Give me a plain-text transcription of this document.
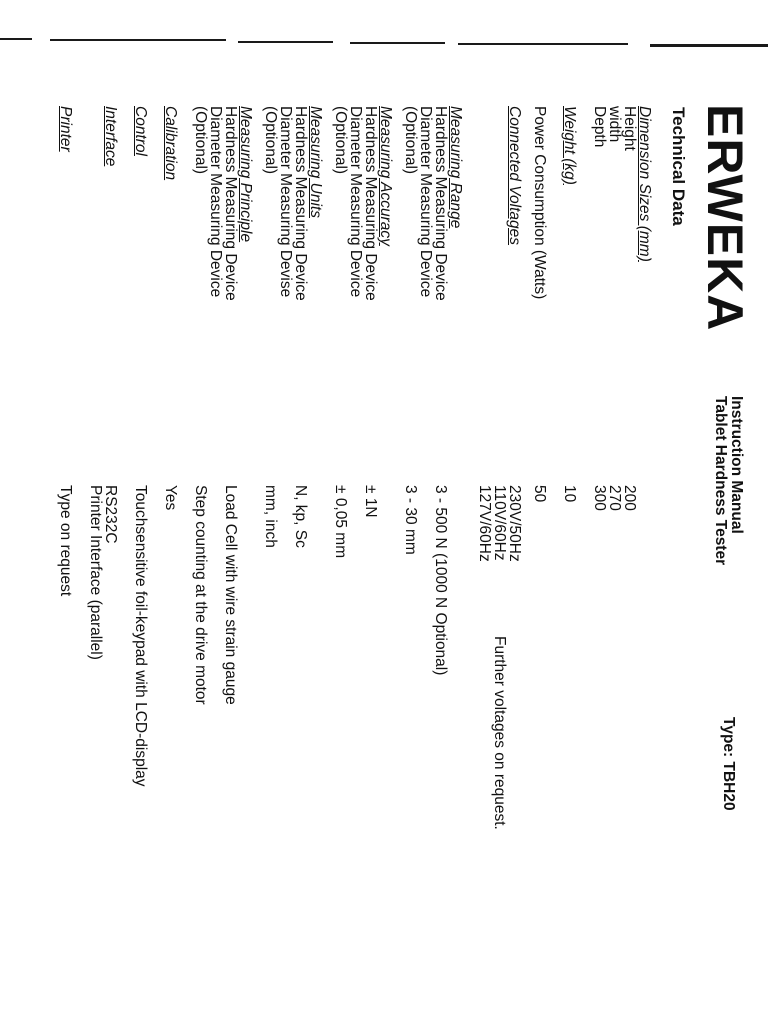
ERWEKA
Instruction Manual
Tablet Hardness Tester
Type: TBH20
Technical Data
Dimension Sizes (mm)
Height
width
Depth
200
270
300
Weight (kg)
10
Power Consumption (Watts)
50
Connected Voltages
230V/50Hz
110V/60Hz
127V/60Hz
Further voltages on request.
Measuring Range
Hardness Measuring Device
Diameter Measuring Device
(Optional)
3 - 500 N (1000 N Optional)
3 - 30 mm
Measuring Accuracy
Hardness Measuring Device
Diameter Measuring Device
(Optional)
± 1N
± 0,05 mm
Measuring Units
Hardness Measuring Device
Diameter Measuring Devise
(Optional)
N, kp, Sc
mm, inch
Measuring Principle
Hardness Measuring Device
Diameter Measuring Device
(Optional)
Load Cell with wire strain gauge
Step counting at the drive motor
Calibration
Yes
Control
Touchsensitive foil-keypad with LCD-display
Interface
RS232C
Printer Interface (parallel)
Printer
Type on request
